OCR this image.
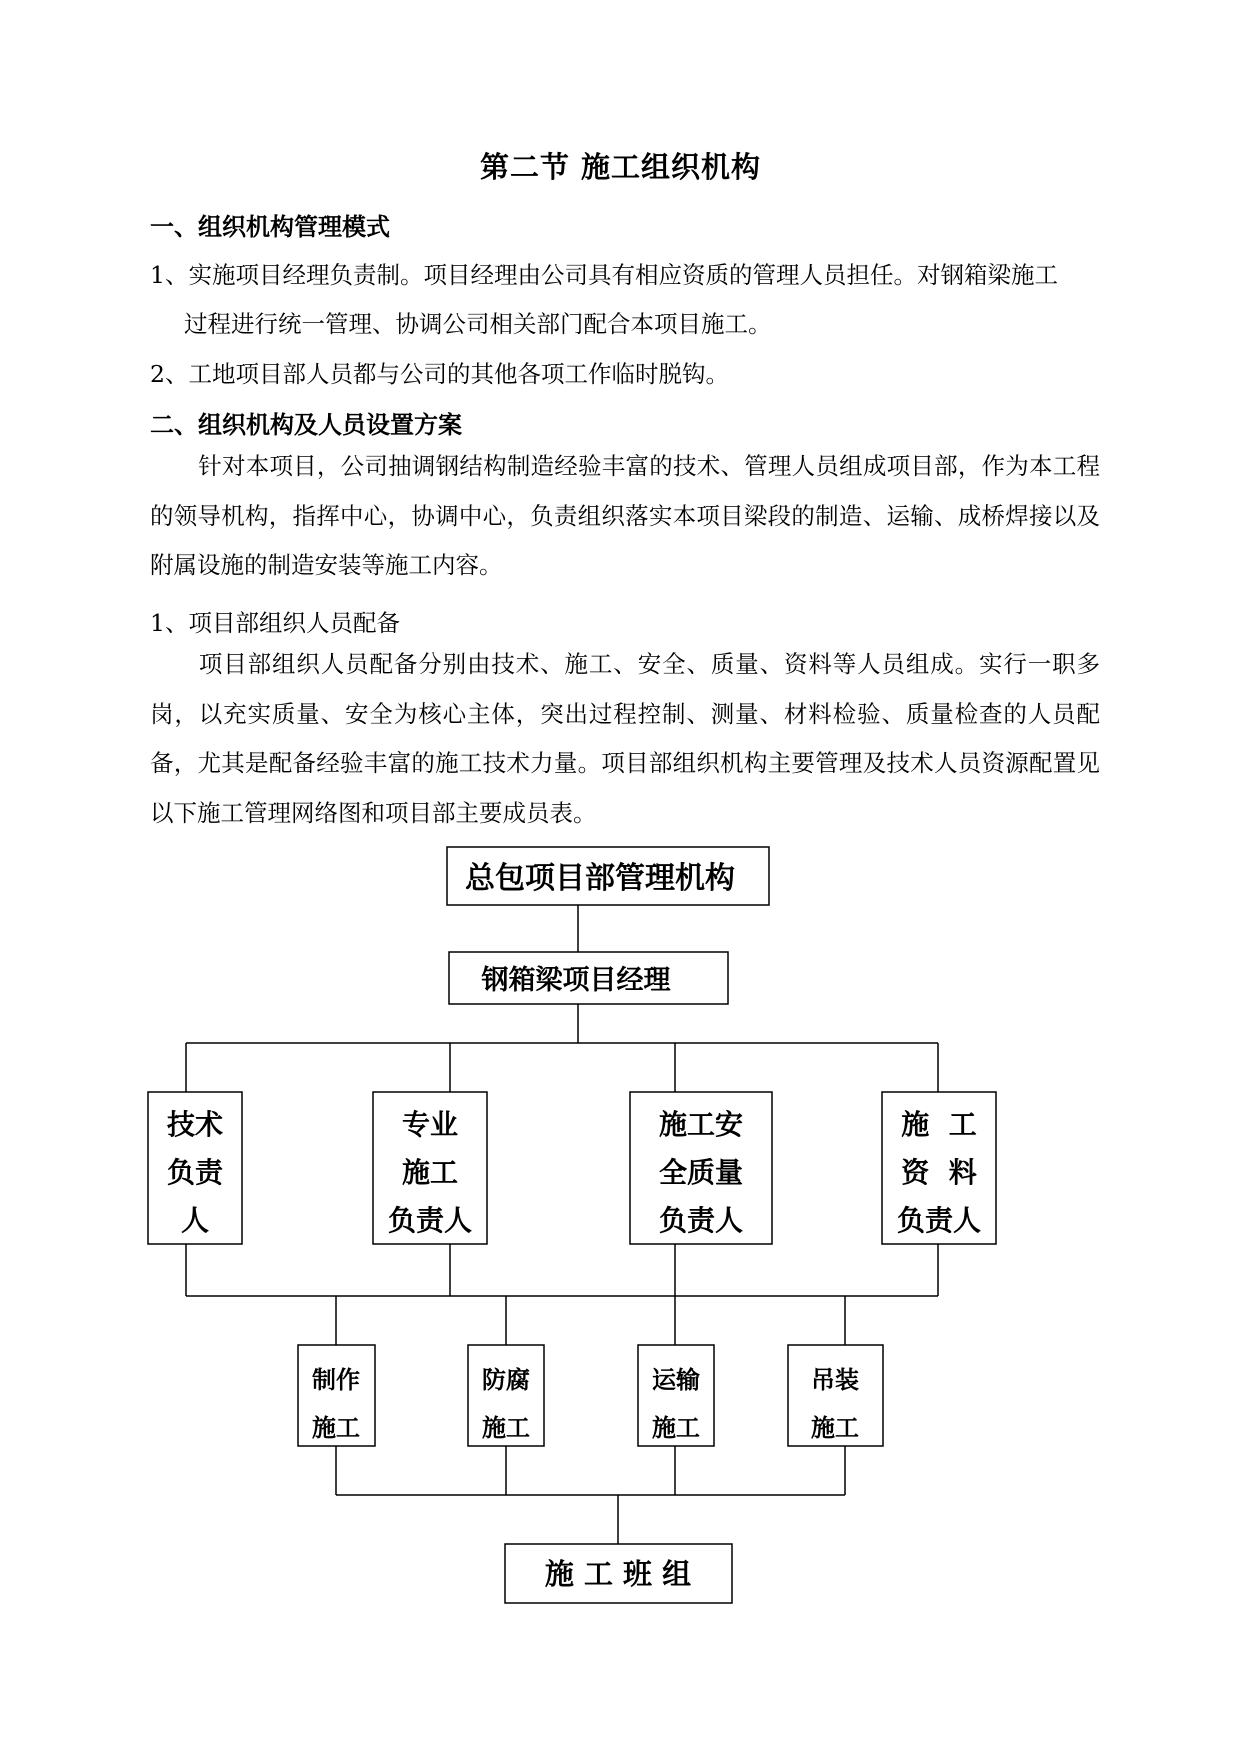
第二节 施工组织机构
一、组织机构管理模式
1、实施项目经理负责制。项目经理由公司具有相应资质的管理人员担任。对钢箱梁施工
过程进行统一管理、协调公司相关部门配合本项目施工。
2、工地项目部人员都与公司的其他各项工作临时脱钩。
二、组织机构及人员设置方案
针对本项目，公司抽调钢结构制造经验丰富的技术、管理人员组成项目部，作为本工程的领导机构，指挥中心，协调中心，负责组织落实本项目梁段的制造、运输、成桥焊接以及附属设施的制造安装等施工内容。
1、项目部组织人员配备
项目部组织人员配备分别由技术、施工、安全、质量、资料等人员组成。实行一职多岗，以充实质量、安全为核心主体，突出过程控制、测量、材料检验、质量检查的人员配备，尤其是配备经验丰富的施工技术力量。项目部组织机构主要管理及技术人员资源配置见以下施工管理网络图和项目部主要成员表。
总包项目部管理机构
钢箱梁项目经理
技术
负责
人
专业
施工
负责人
施工安
全质量
负责人
施  工
资  料
负责人
制作
施工
防腐
施工
运输
施工
吊装
施工
施 工 班 组
